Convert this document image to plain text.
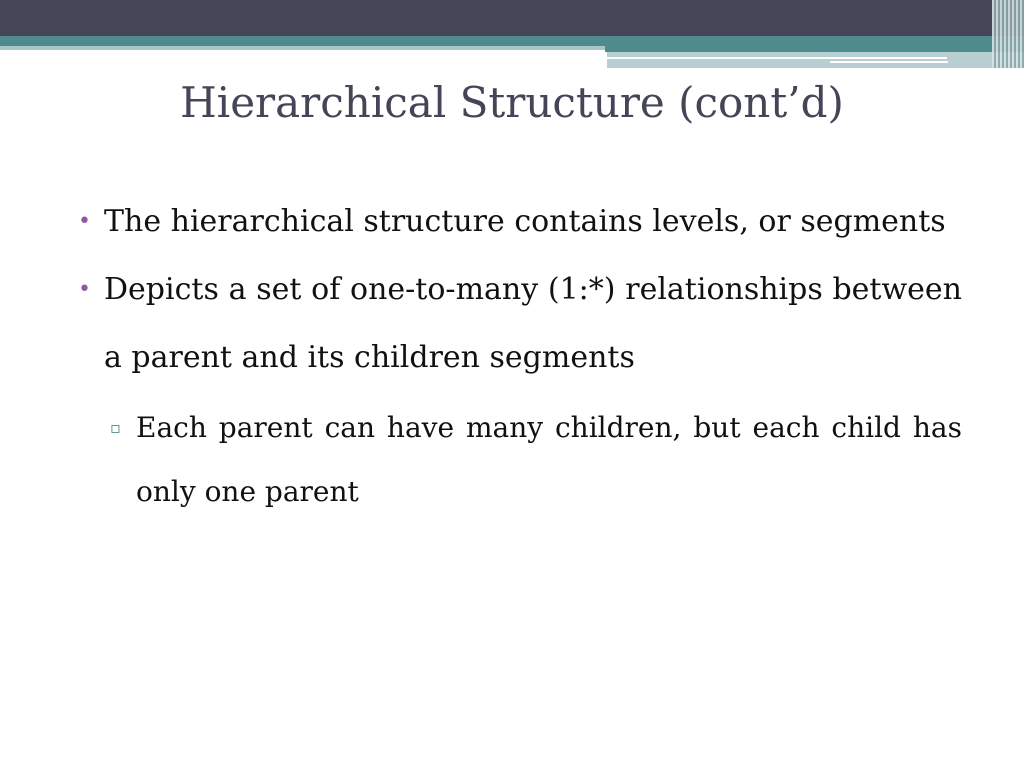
Hierarchical Structure (cont’d)

• The hierarchical structure contains levels, or segments

• Depicts a set of one-to-many (1:*) relationships between a parent and its children segments

▫ Each parent can have many children, but each child has only one parent
